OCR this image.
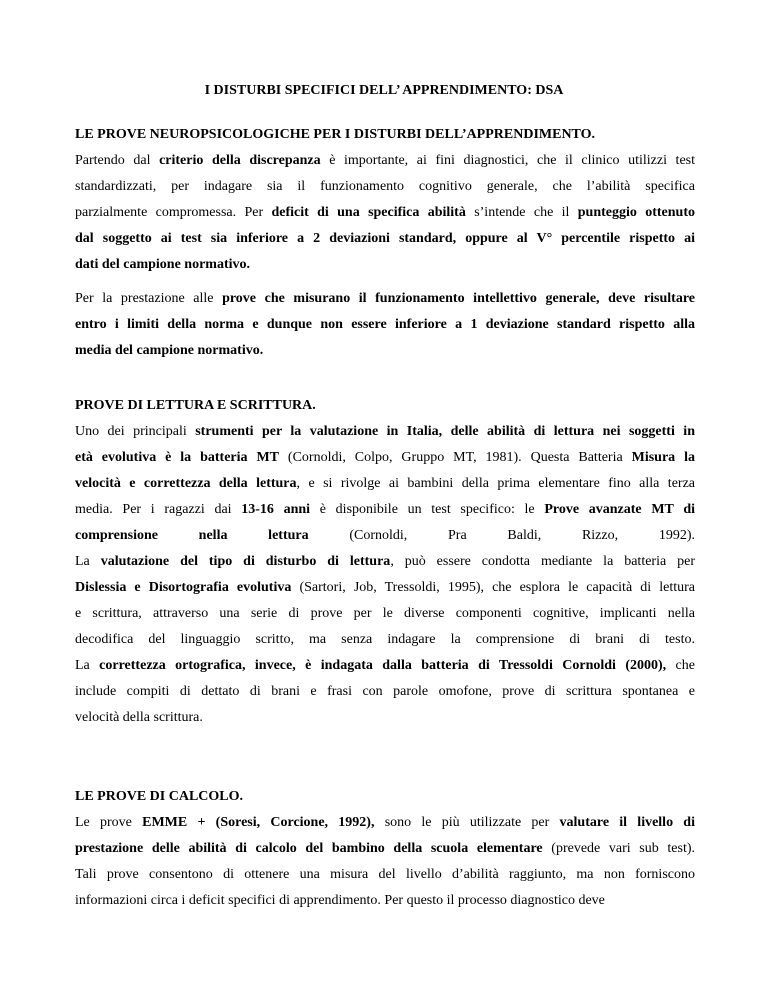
I DISTURBI SPECIFICI DELL’ APPRENDIMENTO: DSA
LE PROVE NEUROPSICOLOGICHE PER I DISTURBI DELL’APPRENDIMENTO.
Partendo dal criterio della discrepanza è importante, ai fini diagnostici, che il clinico utilizzi test
standardizzati, per indagare sia il funzionamento cognitivo generale, che l’abilità specifica
parzialmente compromessa. Per deficit di una specifica abilità s’intende che il punteggio ottenuto
dal soggetto ai test sia inferiore a 2 deviazioni standard, oppure al V° percentile rispetto ai
dati del campione normativo.
Per la prestazione alle prove che misurano il funzionamento intellettivo generale, deve risultare
entro i limiti della norma e dunque non essere inferiore a 1 deviazione standard rispetto alla
media del campione normativo.
PROVE DI LETTURA E SCRITTURA.
Uno dei principali strumenti per la valutazione in Italia, delle abilità di lettura nei soggetti in
età evolutiva è la batteria MT (Cornoldi, Colpo, Gruppo MT, 1981). Questa Batteria Misura la
velocità e correttezza della lettura, e si rivolge ai bambini della prima elementare fino alla terza
media. Per i ragazzi dai 13-16 anni è disponibile un test specifico: le Prove avanzate MT di
comprensione nella lettura (Cornoldi, Pra Baldi, Rizzo, 1992).
La valutazione del tipo di disturbo di lettura, può essere condotta mediante la batteria per
Dislessia e Disortografia evolutiva (Sartori, Job, Tressoldi, 1995), che esplora le capacità di lettura
e scrittura, attraverso una serie di prove per le diverse componenti cognitive, implicanti nella
decodifica del linguaggio scritto, ma senza indagare la comprensione di brani di testo.
La correttezza ortografica, invece, è indagata dalla batteria di Tressoldi Cornoldi (2000), che
include compiti di dettato di brani e frasi con parole omofone, prove di scrittura spontanea e
velocità della scrittura.
LE PROVE DI CALCOLO.
Le prove EMME + (Soresi, Corcione, 1992), sono le più utilizzate per valutare il livello di
prestazione delle abilità di calcolo del bambino della scuola elementare (prevede vari sub test).
Tali prove consentono di ottenere una misura del livello d’abilità raggiunto, ma non forniscono
informazioni circa i deficit specifici di apprendimento. Per questo il processo diagnostico deve
